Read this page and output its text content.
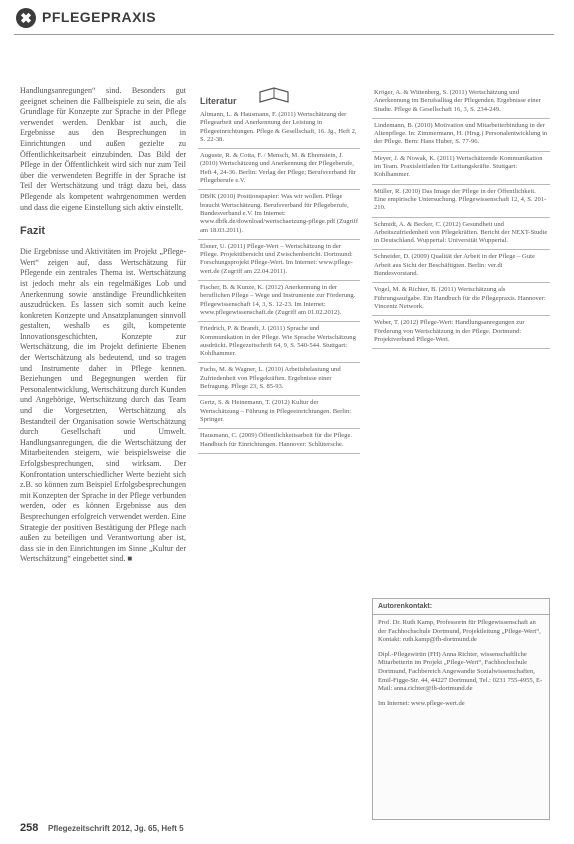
✖ PFLEGEPRAXIS

Handlungsanregungen“ sind. Besonders gut geeignet scheinen die Fallbeispiele zu sein, die als Grundlage für Konzepte zur Sprache in der Pflege verwendet werden. Denkbar ist auch, die Ergebnisse aus den Besprechungen in Einrichtungen und außen gezielte zu Öffentlichkeitsarbeit einzubinden. Das Bild der Pflege in der Öffentlichkeit wird sich nur zum Teil über die verwendeten Begriffe in der Sprache ist Teil der Wertschätzung und trägt dazu bei, dass Pflegende als kompetent wahrgenommen werden und dass die eigene Einstellung sich aktiv einstellt.

Fazit

Die Ergebnisse und Aktivitäten im Projekt „Pflege-Wert“ zeigen auf, dass Wertschätzung für Pflegende ein zentrales Thema ist. Wertschätzung ist jedoch mehr als ein regelmäßiges Lob und Anerkennung sowie anständige Freundlichkeiten auszudrücken. Es lassen sich somit auch keine konkreten Konzepte und Ansatzplanungen sinnvoll gestalten, weshalb es gilt, kompetente Innovationsgeschichten, Konzepte zur Wertschätzung, die im Projekt definierte Ebenen der Wertschätzung als bedeutend, und so tragen und Instrumente daher in Pflege kennen. Beziehungen und Begegnungen werden für Personalentwicklung, Wertschätzung durch Kunden und Angehörige, Wertschätzung durch das Team und die Vorgesetzten, Wertschätzung als Bestandteil der Organisation sowie Wertschätzung durch Gesellschaft und Umwelt. Handlungsanregungen, die die Wertschätzung der Mitarbeitenden steigern, wie beispielsweise die Erfolgsbesprechungen, sind wirksam. Der Konfrontation unterschiedlicher Werte bezieht sich z.B. so können zum Beispiel Erfolgsbesprechungen mit Konzepten der Sprache in der Pflege verbunden werden, oder es können Ergebnisse aus den Besprechungen erfolgreich verwendet werden. Eine Strategie der positiven Bestätigung der Pflege nach außen zu beteiligen und Verantwortung aber ist, dass sie in den Einrichtungen im Sinne „Kultur der Wertschätzung“ eingebettet sind. ■

Literatur
Altmann, L. & Hausmann, F. (2011) Wertschätzung der Pflegearbeit und Anerkennung der Leistung in Pflegeeinrichtungen. Pflege & Gesellschaft, 16. Jg., Heft 2, S. 22-38.
Auguste, R. & Cotta, F. / Mensch, M. & Ehrenstein, J. (2010) Wertschätzung und Anerkennung der Pflegeberufe, Heft 4, 24-36. Berlin: Verlag der Pflege; Berufsverband für Pflegeberufe e.V.
DBfK (2010) Positionspapier: Was wir wollen. Pflege braucht Wertschätzung. Berufsverband für Pflegeberufe, Bundesverband e.V. Im Internet: www.dbfk.de/download/wertschaetzung-pflege.pdf (Zugriff am 18.03.2011).
Elsner, U. (2011) Pflege-Wert – Wertschätzung in der Pflege. Projektübersicht und Zwischenbericht. Dortmund: Forschungsprojekt Pflege-Wert. Im Internet: www.pflege-wert.de (Zugriff am 22.04.2011).
Fischer, B. & Kunze, K. (2012) Anerkennung in der beruflichen Pflege – Wege und Instrumente zur Förderung. Pflegewissenschaft 14, 3, S. 12-23. Im Internet: www.pflegewissenschaft.de (Zugriff am 01.02.2012).
Friedrich, P. & Brandt, J. (2011) Sprache und Kommunikation in der Pflege. Wie Sprache Wertschätzung ausdrückt. Pflegezeitschrift 64, 9, S. 540-544. Stuttgart: Kohlhammer.
Fuchs, M. & Wagner, L. (2010) Arbeitsbelastung und Zufriedenheit von Pflegekräften. Ergebnisse einer Befragung. Pflege 23, S. 85-93.
Gertz, S. & Heinemann, T. (2012) Kultur der Wertschätzung – Führung in Pflegeeinrichtungen. Berlin: Springer.
Hausmann, C. (2009) Öffentlichkeitsarbeit für die Pflege. Handbuch für Einrichtungen. Hannover: Schlütersche.
Kröger, A. & Wittenberg, S. (2011) Wertschätzung und Anerkennung im Berufsalltag der Pflegenden. Ergebnisse einer Studie. Pflege & Gesellschaft 16, 3, S. 234-249.
Lindemann, B. (2010) Motivation und Mitarbeiterbindung in der Altenpflege. In: Zimmermann, H. (Hrsg.) Personalentwicklung in der Pflege. Bern: Hans Huber, S. 77-96.
Meyer, J. & Nowak, K. (2011) Wertschätzende Kommunikation im Team. Praxisleitfaden für Leitungskräfte. Stuttgart: Kohlhammer.
Müller, R. (2010) Das Image der Pflege in der Öffentlichkeit. Eine empirische Untersuchung. Pflegewissenschaft 12, 4, S. 201-210.
Schmidt, A. & Becker, C. (2012) Gesundheit und Arbeitszufriedenheit von Pflegekräften. Bericht der NEXT-Studie in Deutschland. Wuppertal: Universität Wuppertal.
Schneider, D. (2009) Qualität der Arbeit in der Pflege – Gute Arbeit aus Sicht der Beschäftigten. Berlin: ver.di Bundesvorstand.
Vogel, M. & Richter, B. (2011) Wertschätzung als Führungsaufgabe. Ein Handbuch für die Pflegepraxis. Hannover: Vincentz Network.
Weber, T. (2012) Pflege-Wert: Handlungsanregungen zur Förderung von Wertschätzung in der Pflege. Dortmund: Projektverbund Pflege-Wert.
Autorenkontakt:

Prof. Dr. Ruth Kamp, Professorin für Pflegewissenschaft an der Fachhochschule Dortmund, Projektleitung „Pflege-Wert“, Kontakt: ruth.kamp@fh-dortmund.de

Dipl.-Pflegewirtin (FH) Anna Richter, wissenschaftliche Mitarbeiterin im Projekt „Pflege-Wert“, Fachhochschule Dortmund, Fachbereich Angewandte Sozialwissenschaften, Emil-Figge-Str. 44, 44227 Dortmund, Tel.: 0231 755-4955, E-Mail: anna.richter@fh-dortmund.de

Im Internet: www.pflege-wert.de

258 Pflegezeitschrift 2012, Jg. 65, Heft 5
